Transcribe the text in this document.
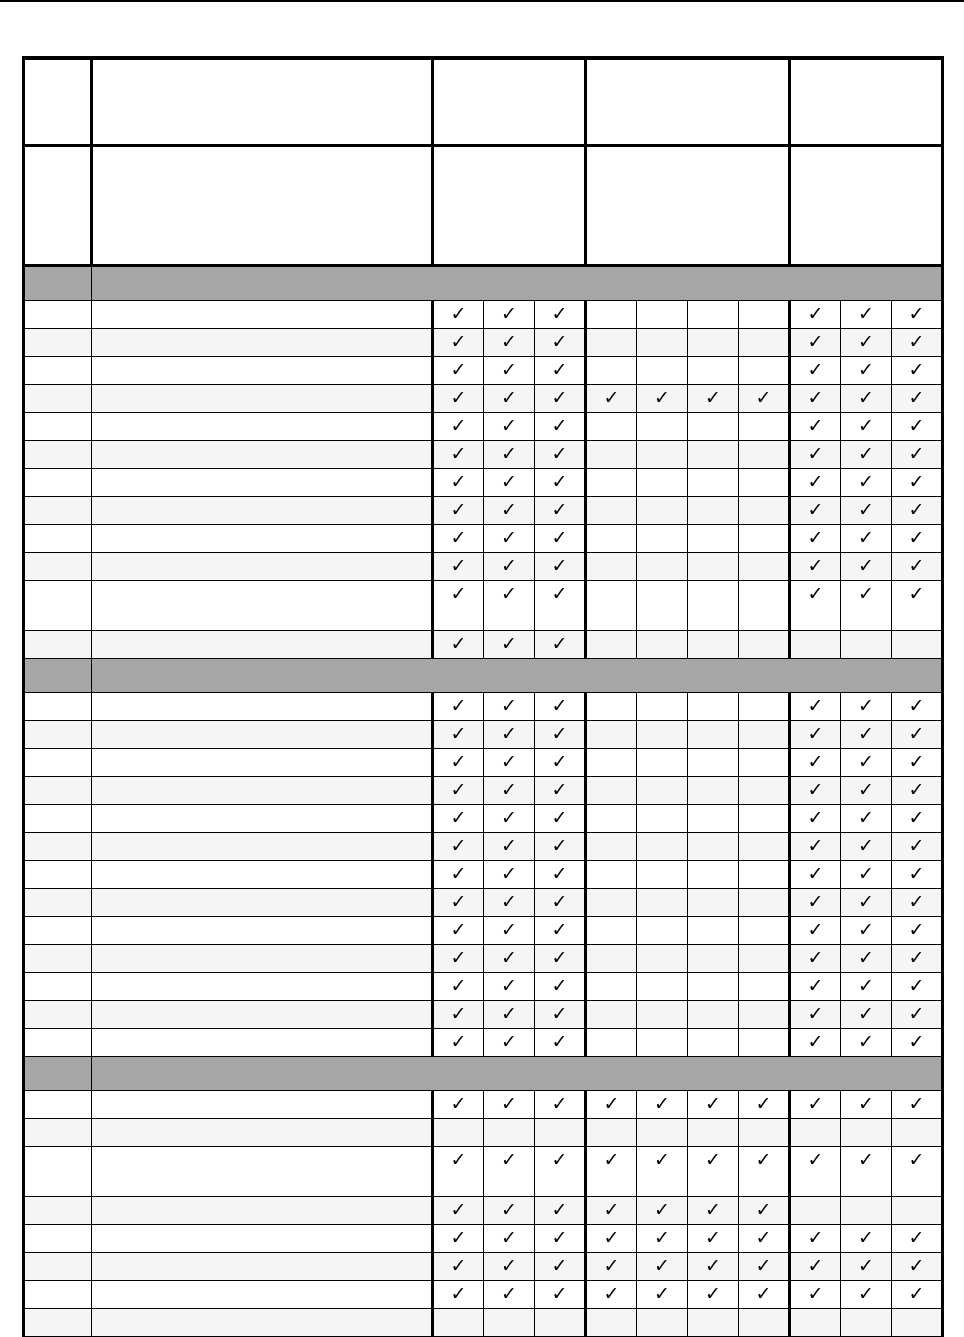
		✓	✓	✓					✓	✓	✓
		✓	✓	✓					✓	✓	✓
		✓	✓	✓					✓	✓	✓
		✓	✓	✓	✓	✓	✓	✓	✓	✓	✓
		✓	✓	✓					✓	✓	✓
		✓	✓	✓					✓	✓	✓
		✓	✓	✓					✓	✓	✓
		✓	✓	✓					✓	✓	✓
		✓	✓	✓					✓	✓	✓
		✓	✓	✓					✓	✓	✓
		✓	✓	✓					✓	✓	✓
		✓	✓	✓							

		✓	✓	✓					✓	✓	✓
		✓	✓	✓					✓	✓	✓
		✓	✓	✓					✓	✓	✓
		✓	✓	✓					✓	✓	✓
		✓	✓	✓					✓	✓	✓
		✓	✓	✓					✓	✓	✓
		✓	✓	✓					✓	✓	✓
		✓	✓	✓					✓	✓	✓
		✓	✓	✓					✓	✓	✓
		✓	✓	✓					✓	✓	✓
		✓	✓	✓					✓	✓	✓
		✓	✓	✓					✓	✓	✓
		✓	✓	✓					✓	✓	✓

		✓	✓	✓	✓	✓	✓	✓	✓	✓	✓

		✓	✓	✓	✓	✓	✓	✓	✓	✓	✓
		✓	✓	✓	✓	✓	✓	✓			
		✓	✓	✓	✓	✓	✓	✓	✓	✓	✓
		✓	✓	✓	✓	✓	✓	✓	✓	✓	✓
		✓	✓	✓	✓	✓	✓	✓	✓	✓	✓
